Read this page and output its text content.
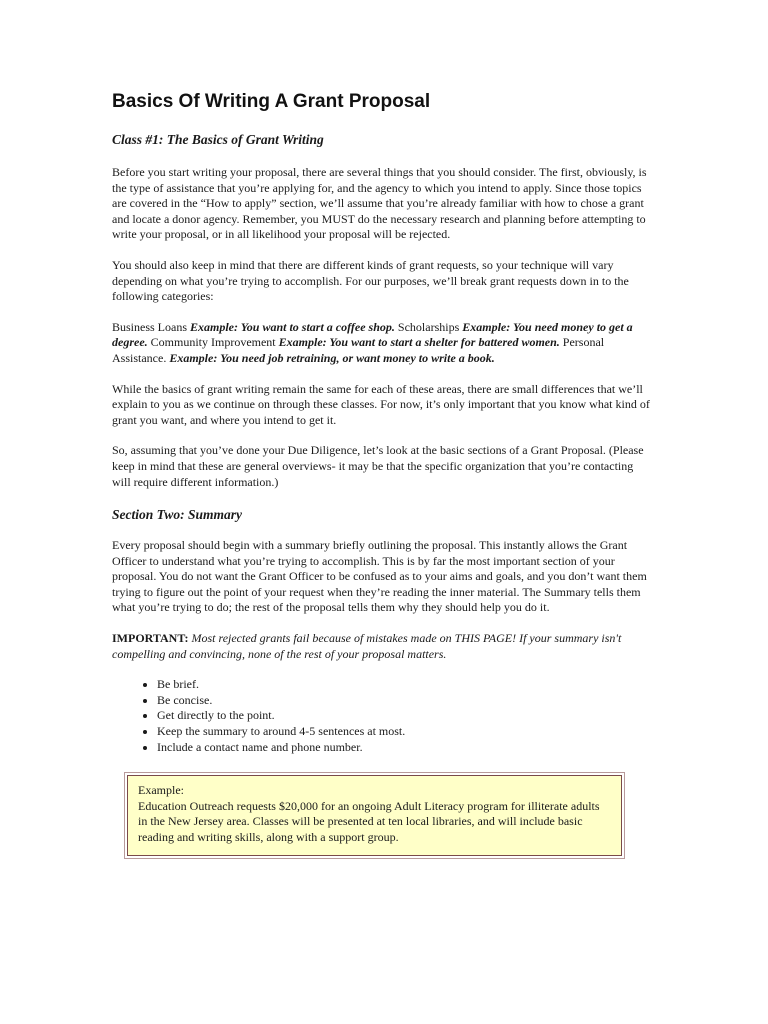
Basics Of Writing A Grant Proposal
Class #1: The Basics of Grant Writing

Before you start writing your proposal, there are several things that you should consider. The first, obviously, is the type of assistance that you’re applying for, and the agency to which you intend to apply. Since those topics are covered in the “How to apply” section, we’ll assume that you’re already familiar with how to chose a grant and locate a donor agency. Remember, you MUST do the necessary research and planning before attempting to write your proposal, or in all likelihood your proposal will be rejected.

You should also keep in mind that there are different kinds of grant requests, so your technique will vary depending on what you’re trying to accomplish. For our purposes, we’ll break grant requests down in to the following categories:

Business Loans Example: You want to start a coffee shop. Scholarships Example: You need money to get a degree. Community Improvement Example: You want to start a shelter for battered women. Personal Assistance. Example: You need job retraining, or want money to write a book.

While the basics of grant writing remain the same for each of these areas, there are small differences that we’ll explain to you as we continue on through these classes. For now, it’s only important that you know what kind of grant you want, and where you intend to get it.

So, assuming that you’ve done your Due Diligence, let’s look at the basic sections of a Grant Proposal. (Please keep in mind that these are general overviews- it may be that the specific organization that you’re contacting will require different information.)

Section Two: Summary

Every proposal should begin with a summary briefly outlining the proposal. This instantly allows the Grant Officer to understand what you’re trying to accomplish. This is by far the most important section of your proposal. You do not want the Grant Officer to be confused as to your aims and goals, and you don’t want them trying to figure out the point of your request when they’re reading the inner material. The Summary tells them what you’re trying to do; the rest of the proposal tells them why they should help you do it.

IMPORTANT: Most rejected grants fail because of mistakes made on THIS PAGE! If your summary isn't compelling and convincing, none of the rest of your proposal matters.

• Be brief.
• Be concise.
• Get directly to the point.
• Keep the summary to around 4-5 sentences at most.
• Include a contact name and phone number.

Example:

Education Outreach requests $20,000 for an ongoing Adult Literacy program for illiterate adults in the New Jersey area. Classes will be presented at ten local libraries, and will include basic reading and writing skills, along with a support group.
